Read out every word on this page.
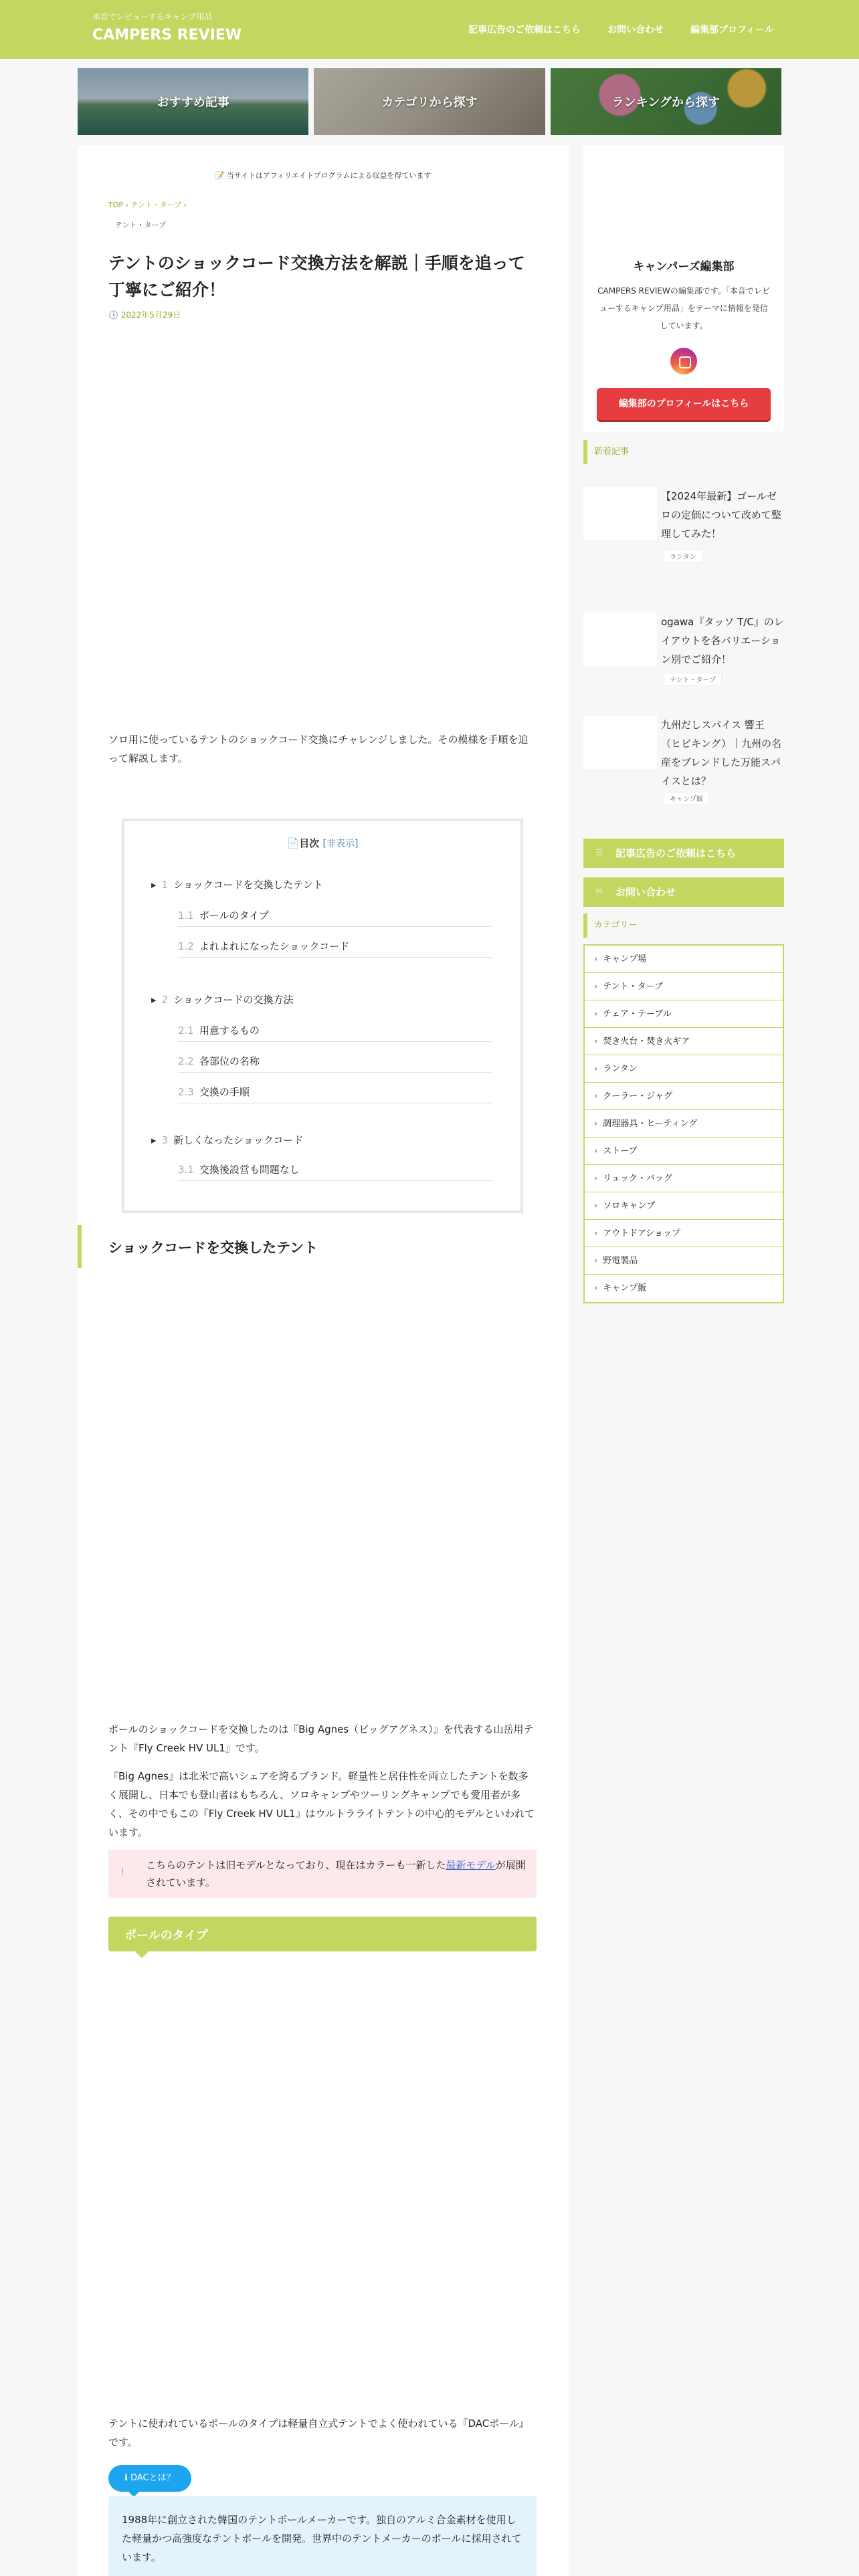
本音でレビューするキャンプ用品
CAMPERS REVIEW	記事広告のご依頼はこちら	お問い合わせ	編集部プロフィール
おすすめ記事	カテゴリから探す	ランキングから探す
📝 当サイトはアフィリエイトプログラムによる収益を得ています
TOP › テント・タープ ›
テント・タープ
テントのショックコード交換方法を解説｜手順を追って丁寧にご紹介！
🕓 2022年5月29日

ソロ用に使っているテントのショックコード交換にチャレンジしました。その模様を手順を追って解説します。

📄目次 [非表示]
▸ 1 ショックコードを交換したテント
1.1 ポールのタイプ
1.2 よれよれになったショックコード
▸ 2 ショックコードの交換方法
2.1 用意するもの
2.2 各部位の名称
2.3 交換の手順
▸ 3 新しくなったショックコード
3.1 交換後設営も問題なし
ショックコードを交換したテント

ポールのショックコードを交換したのは『Big Agnes（ビッグアグネス）』を代表する山岳用テント『Fly Creek HV UL1』です。

『Big Agnes』は北米で高いシェアを誇るブランド。軽量性と居住性を両立したテントを数多く展開し、日本でも登山者はもちろん、ソロキャンプやツーリングキャンプでも愛用者が多く、その中でもこの『Fly Creek HV UL1』はウルトラライトテントの中心的モデルといわれています。

!
こちらのテントは旧モデルとなっており、現在はカラーも一新した最新モデルが展開されています。
ポールのタイプ

テントに使われているポールのタイプは軽量自立式テントでよく使われている『DACポール』です。

ℹ DACとは？
1988年に創立された韓国のテントポールメーカーです。独自のアルミ合金素材を使用した軽量かつ高強度なテントポールを開発。世界中のテントメーカーのポールに採用されています。
キャンパーズ編集部
CAMPERS REVIEWの編集部です。「本音でレビューするキャンプ用品」をテーマに情報を発信しています。
編集部のプロフィールはこちら
新着記事
【2024年最新】ゴールゼロの定価について改めて整理してみた！
ランタン
ogawa『タッソ T/C』のレイアウトを各バリエーション別でご紹介！
テント・タープ
九州だしスパイス 響王（ヒビキング）｜九州の名産をブレンドした万能スパイスとは？
キャンプ飯
☰ 記事広告のご依頼はこちら
✉ お問い合わせ
カテゴリー
› キャンプ場
› テント・タープ
› チェア・テーブル
› 焚き火台・焚き火ギア
› ランタン
› クーラー・ジャグ
› 調理器具・ヒーティング
› ストーブ
› リュック・バッグ
› ソロキャンプ
› アウトドアショップ
› 野電製品
› キャンプ飯
